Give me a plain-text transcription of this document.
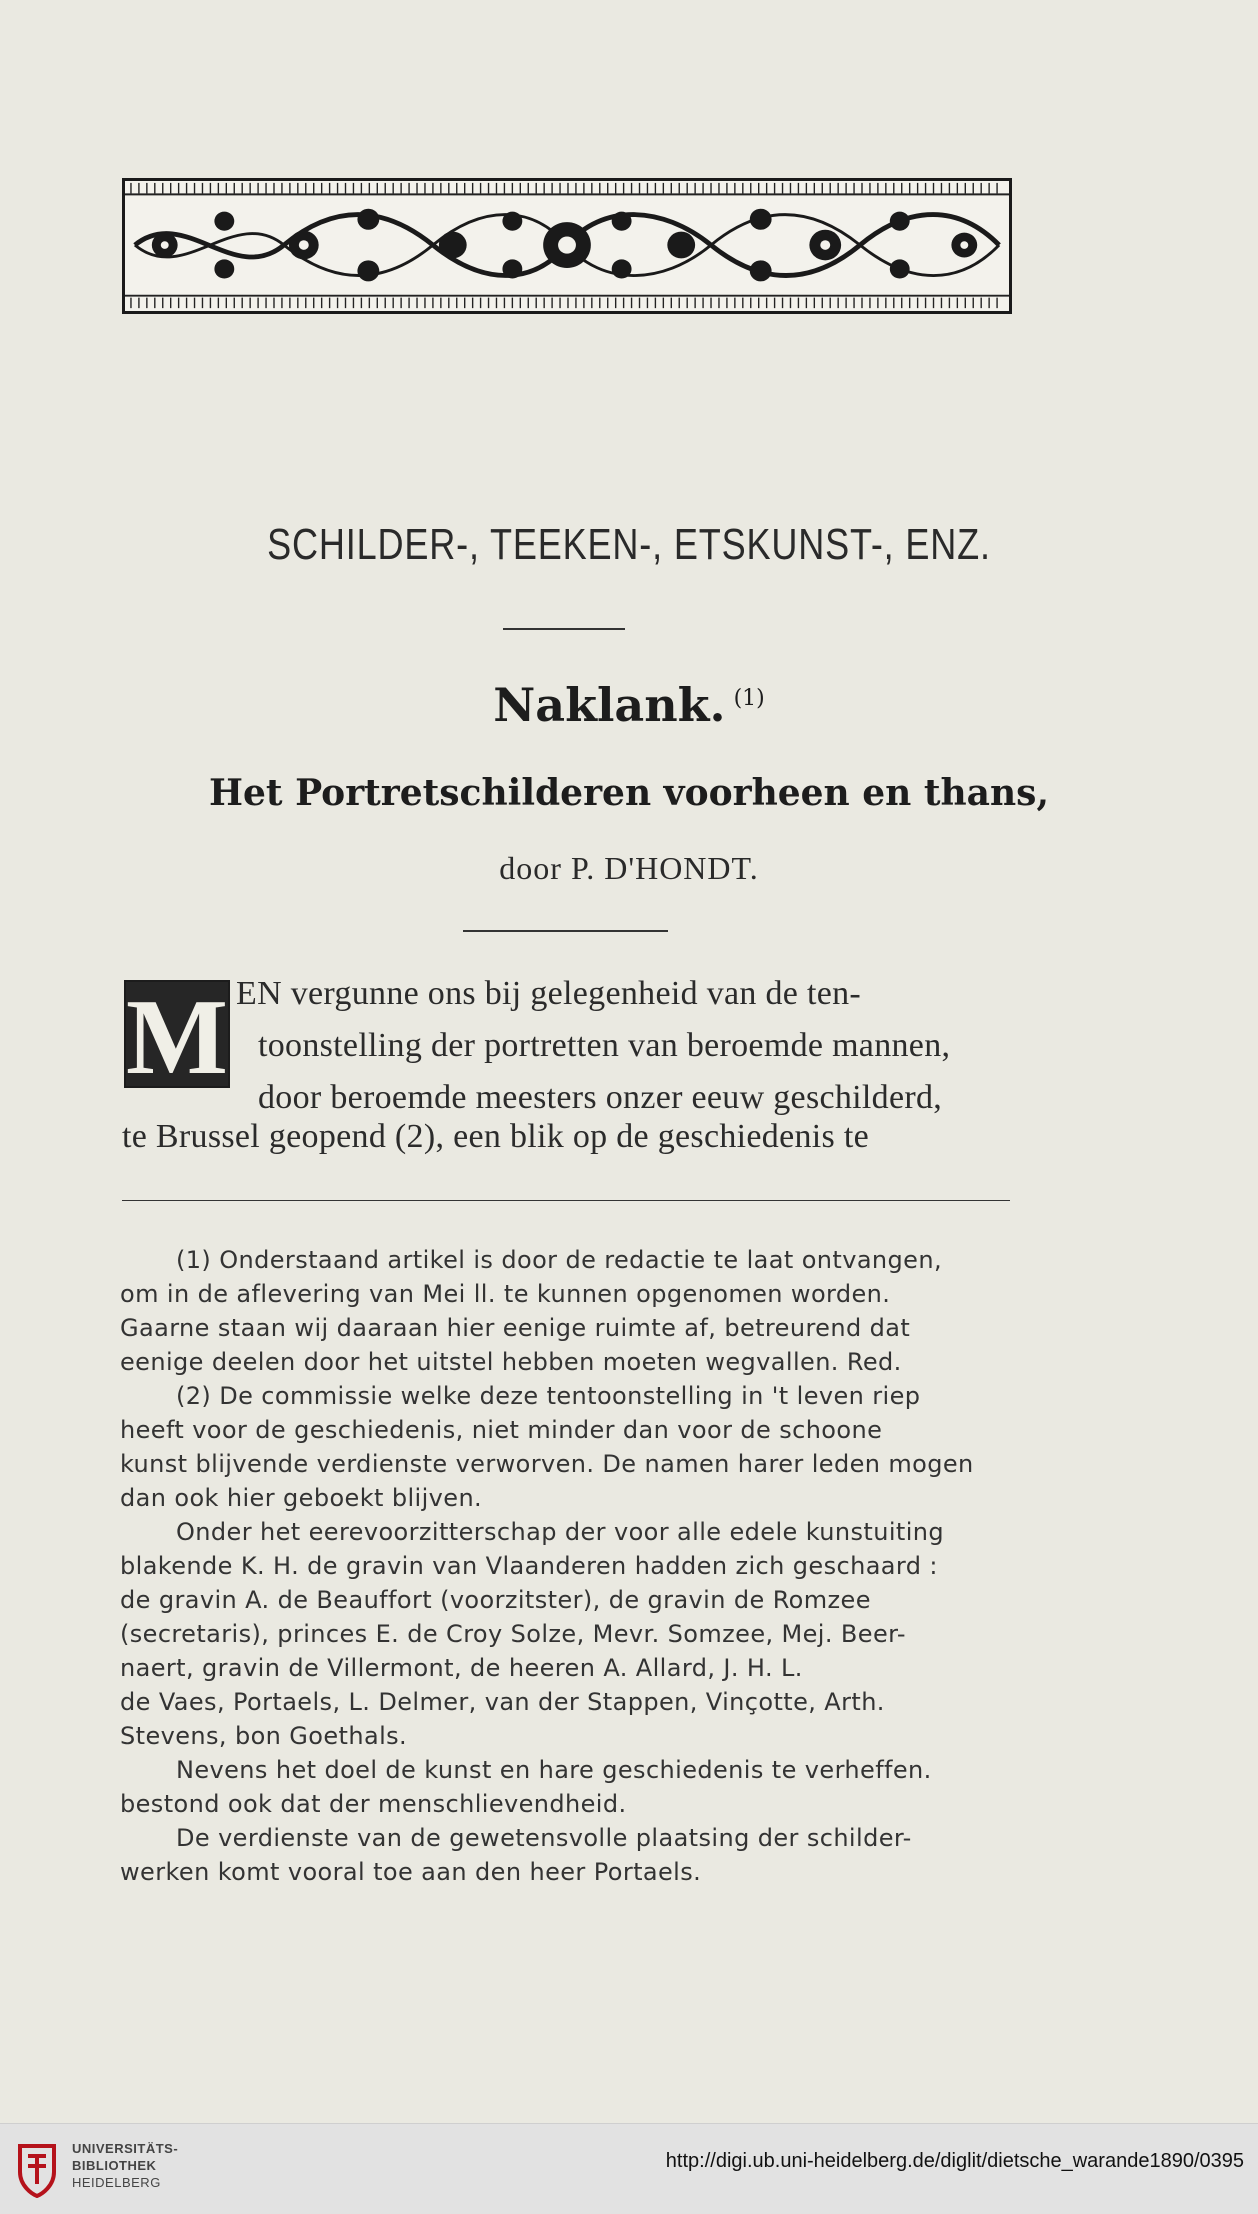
SCHILDER-, TEEKEN-, ETSKUNST-, ENZ.
Naklank. $^{(1)}$
Het Portretschilderen voorheen en thans,
door P. D'HONDT.
M EN vergunne ons bij gelegenheid van de ten-
toonstelling der portretten van beroemde mannen,
door beroemde meesters onzer eeuw geschilderd,
te Brussel geopend (2), een blik op de geschiedenis te
(1) Onderstaand artikel is door de redactie te laat ontvangen,
om in de aflevering van Mei ll. te kunnen opgenomen worden.
Gaarne staan wij daaraan hier eenige ruimte af, betreurend dat
eenige deelen door het uitstel hebben moeten wegvallen. Red.
(2) De commissie welke deze tentoonstelling in 't leven riep
heeft voor de geschiedenis, niet minder dan voor de schoone
kunst blijvende verdienste verworven. De namen harer leden mogen
dan ook hier geboekt blijven.
Onder het eerevoorzitterschap der voor alle edele kunstuiting
blakende K. H. de gravin van Vlaanderen hadden zich geschaard :
de gravin A. de Beauffort (voorzitster), de gravin de Romzee
(secretaris), princes E. de Croy Solze, Mevr. Somzee, Mej. Beer-
naert, gravin de Villermont, de heeren A. Allard, J. H. L.
de Vaes, Portaels, L. Delmer, van der Stappen, Vinçotte, Arth.
Stevens, bon Goethals.
Nevens het doel de kunst en hare geschiedenis te verheffen.
bestond ook dat der menschlievendheid.
De verdienste van de gewetensvolle plaatsing der schilder-
werken komt vooral toe aan den heer Portaels.
UNIVERSITÄTS-
BIBLIOTHEK
HEIDELBERG
http://digi.ub.uni-heidelberg.de/diglit/dietsche_warande1890/0395
